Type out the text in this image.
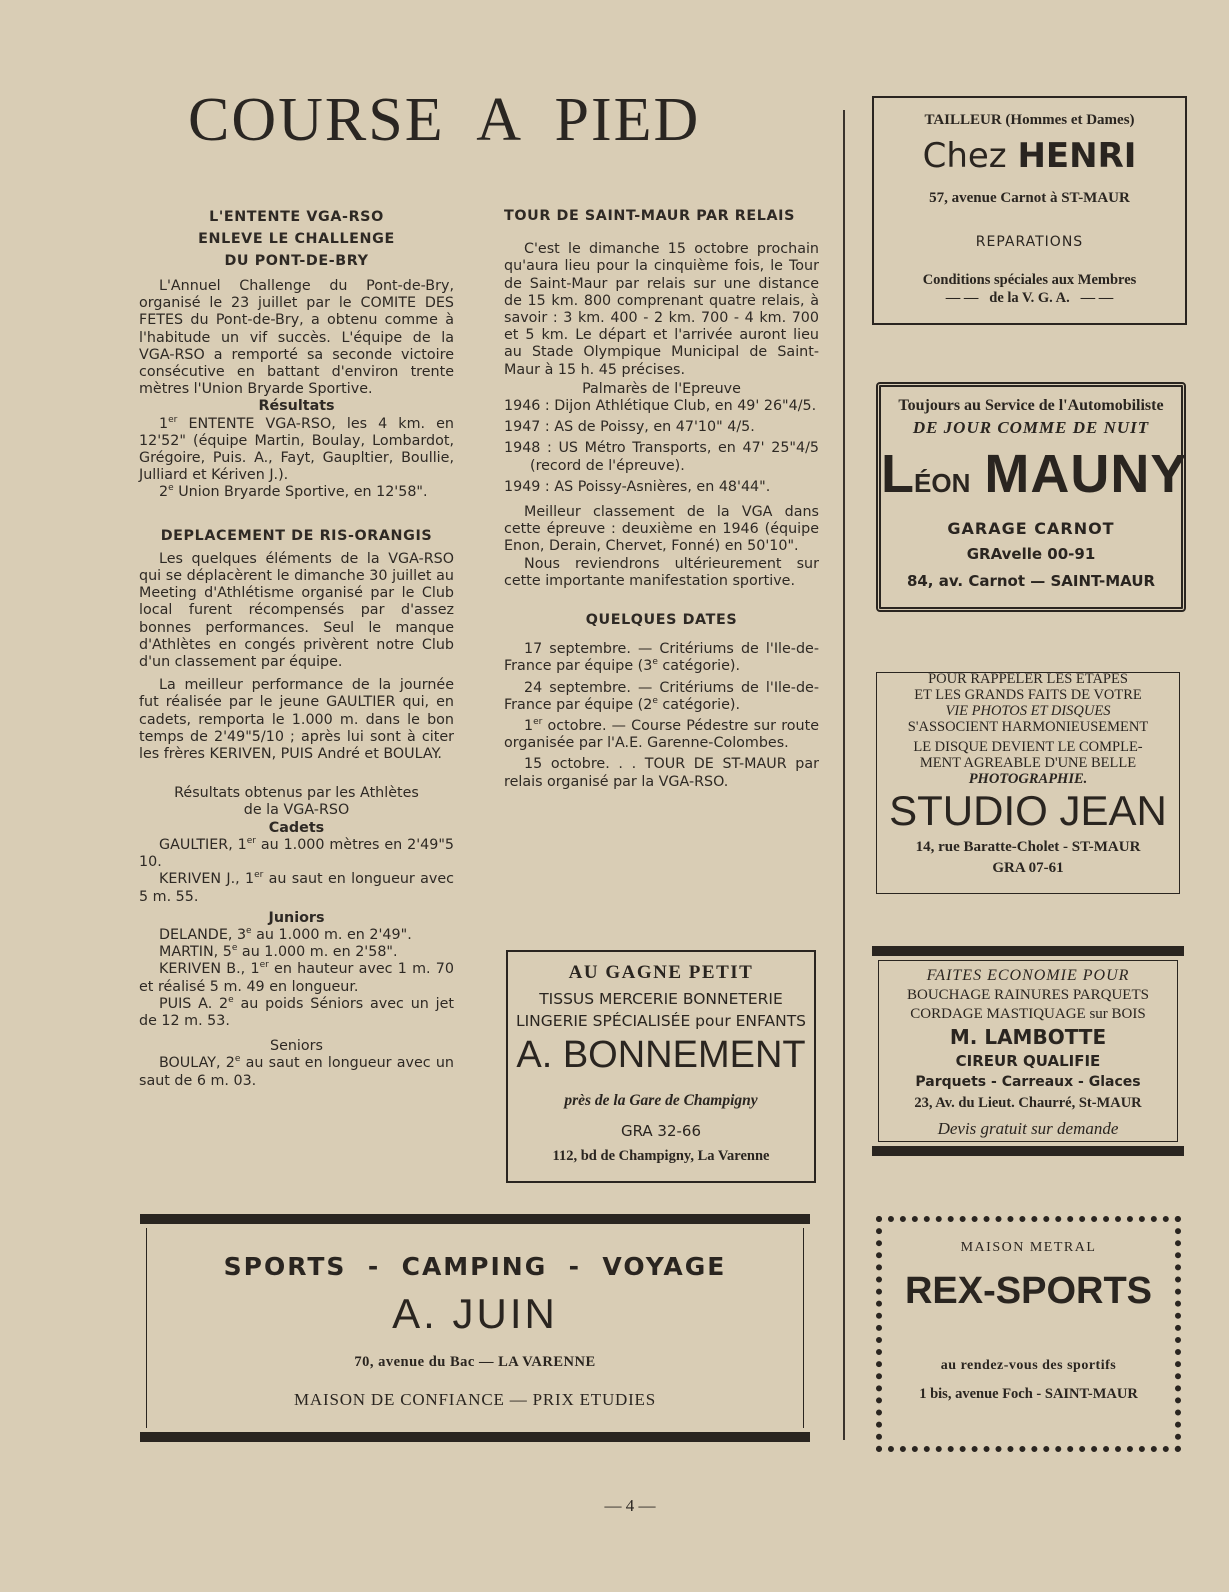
COURSE  A  PIED
L'ENTENTE VGA-RSO
ENLEVE LE CHALLENGE
DU PONT-DE-BRY

L'Annuel Challenge du Pont-de-Bry, organisé le 23 juillet par le COMITE DES FETES du Pont-de-Bry, a obtenu comme à l'habitude un vif succès. L'équipe de la VGA-RSO a remporté sa seconde victoire consécutive en battant d'environ trente mètres l'Union Bryarde Sportive.

Résultats

1er ENTENTE VGA-RSO, les 4 km. en 12'52" (équipe Martin, Boulay, Lombardot, Grégoire, Puis. A., Fayt, Gaupltier, Boullie, Julliard et Kériven J.).

2e Union Bryarde Sportive, en 12'58".

DEPLACEMENT DE RIS-ORANGIS

Les quelques éléments de la VGA-RSO qui se déplacèrent le dimanche 30 juillet au Meeting d'Athlétisme organisé par le Club local furent récompensés par d'assez bonnes performances. Seul le manque d'Athlètes en congés privèrent notre Club d'un classement par équipe.

La meilleur performance de la journée fut réalisée par le jeune GAULTIER qui, en cadets, remporta le 1.000 m. dans le bon temps de 2'49"5/10 ; après lui sont à citer les frères KERIVEN, PUIS André et BOULAY.

Résultats obtenus par les Athlètes
de la VGA-RSO
Cadets

GAULTIER, 1er au 1.000 mètres en 2'49"5 10.

KERIVEN J., 1er au saut en longueur avec 5 m. 55.

Juniors

DELANDE, 3e au 1.000 m. en 2'49".

MARTIN, 5e au 1.000 m. en 2'58".

KERIVEN B., 1er en hauteur avec 1 m. 70 et réalisé 5 m. 49 en longueur.

PUIS A. 2e au poids Séniors avec un jet de 12 m. 53.

Seniors

BOULAY, 2e au saut en longueur avec un saut de 6 m. 03.

TOUR DE SAINT-MAUR PAR RELAIS

C'est le dimanche 15 octobre prochain qu'aura lieu pour la cinquième fois, le Tour de Saint-Maur par relais sur une distance de 15 km. 800 comprenant quatre relais, à savoir : 3 km. 400 - 2 km. 700 - 4 km. 700 et 5 km. Le départ et l'arrivée auront lieu au Stade Olympique Municipal de Saint-Maur à 15 h. 45 précises.

Palmarès de l'Epreuve

1946 : Dijon Athlétique Club, en 49' 26"4/5.

1947 : AS de Poissy, en 47'10" 4/5.

1948 : US Métro Transports, en 47' 25"4/5 (record de l'épreuve).

1949 : AS Poissy-Asnières, en 48'44".

Meilleur classement de la VGA dans cette épreuve : deuxième en 1946 (équipe Enon, Derain, Chervet, Fonné) en 50'10".

Nous reviendrons ultérieurement sur cette importante manifestation sportive.

QUELQUES DATES

17 septembre. — Critériums de l'Ile-de-France par équipe (3e catégorie).

24 septembre. — Critériums de l'Ile-de-France par équipe (2e catégorie).

1er octobre. — Course Pédestre sur route organisée par l'A.E. Garenne-Colombes.

15 octobre. . . TOUR DE ST-MAUR par relais organisé par la VGA-RSO.

TAILLEUR (Hommes et Dames)
Chez HENRI
57, avenue Carnot à ST-MAUR
REPARATIONS
Conditions spéciales aux Membres
— —   de la V. G. A.   — —
Toujours au Service de l'Automobiliste
DE JOUR COMME DE NUIT
LÉON MAUNY
GARAGE CARNOT
GRAvelle 00-91
84, av. Carnot — SAINT-MAUR
POUR RAPPELER LES ETAPES
ET LES GRANDS FAITS DE VOTRE
VIE PHOTOS ET DISQUES
S'ASSOCIENT HARMONIEUSEMENT
LE DISQUE DEVIENT LE COMPLE-
MENT AGREABLE D'UNE BELLE
PHOTOGRAPHIE.
STUDIO JEAN
14, rue Baratte-Cholet - ST-MAUR
GRA 07-61
FAITES ECONOMIE POUR
BOUCHAGE RAINURES PARQUETS
CORDAGE MASTIQUAGE sur BOIS
M. LAMBOTTE
CIREUR QUALIFIE
Parquets - Carreaux - Glaces
23, Av. du Lieut. Chaurré, St-MAUR
Devis gratuit sur demande
MAISON METRAL
REX-SPORTS
au rendez-vous des sportifs
1 bis, avenue Foch - SAINT-MAUR
AU GAGNE PETIT
TISSUS MERCERIE BONNETERIE
LINGERIE SPÉCIALISÉE pour ENFANTS
A. BONNEMENT
près de la Gare de Champigny
GRA 32-66
112, bd de Champigny, La Varenne
SPORTS  -  CAMPING  -  VOYAGE
A. JUIN
70, avenue du Bac — LA VARENNE
MAISON DE CONFIANCE — PRIX ETUDIES
— 4 —
